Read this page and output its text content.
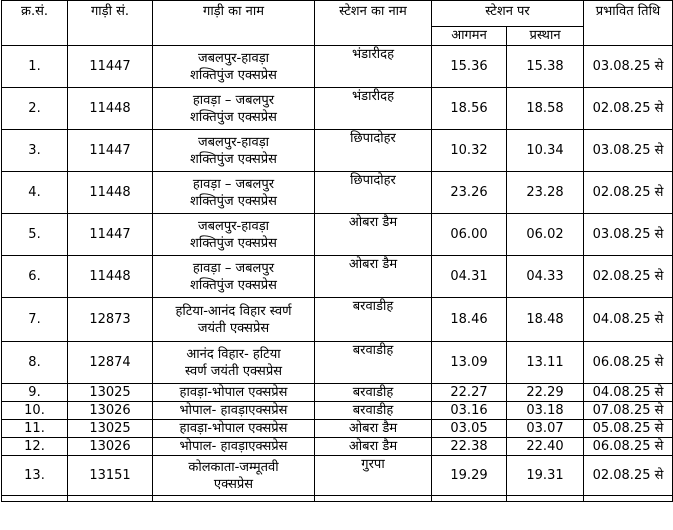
क्र.सं.	गाड़ी सं.	गाड़ी का नाम	स्टेशन का नाम	स्टेशन पर		प्रभावित तिथि
				आगमन	प्रस्थान	
1.	11447	जबलपुर-हावड़ा
शक्तिपुंज एक्सप्रेस	भंडारीदह	15.36	15.38	03.08.25 से
2.	11448	हावड़ा – जबलपुर
शक्तिपुंज एक्सप्रेस	भंडारीदह	18.56	18.58	02.08.25 से
3.	11447	जबलपुर-हावड़ा
शक्तिपुंज एक्सप्रेस	छिपादोहर	10.32	10.34	03.08.25 से
4.	11448	हावड़ा – जबलपुर
शक्तिपुंज एक्सप्रेस	छिपादोहर	23.26	23.28	02.08.25 से
5.	11447	जबलपुर-हावड़ा
शक्तिपुंज एक्सप्रेस	ओबरा डैम	06.00	06.02	03.08.25 से
6.	11448	हावड़ा – जबलपुर
शक्तिपुंज एक्सप्रेस	ओबरा डैम	04.31	04.33	02.08.25 से
7.	12873	हटिया-आनंद विहार स्वर्ण
जयंती एक्सप्रेस	बरवाडीह	18.46	18.48	04.08.25 से
8.	12874	आनंद विहार- हटिया
स्वर्ण जयंती एक्सप्रेस	बरवाडीह	13.09	13.11	06.08.25 से
9.	13025	हावड़ा-भोपाल एक्सप्रेस	बरवाडीह	22.27	22.29	04.08.25 से
10.	13026	भोपाल- हावड़ाएक्सप्रेस	बरवाडीह	03.16	03.18	07.08.25 से
11.	13025	हावड़ा-भोपाल एक्सप्रेस	ओबरा डैम	03.05	03.07	05.08.25 से
12.	13026	भोपाल- हावड़ाएक्सप्रेस	ओबरा डैम	22.38	22.40	06.08.25 से
13.	13151	कोलकाता-जम्मूतवी
एक्सप्रेस	गुरपा	19.29	19.31	02.08.25 से
